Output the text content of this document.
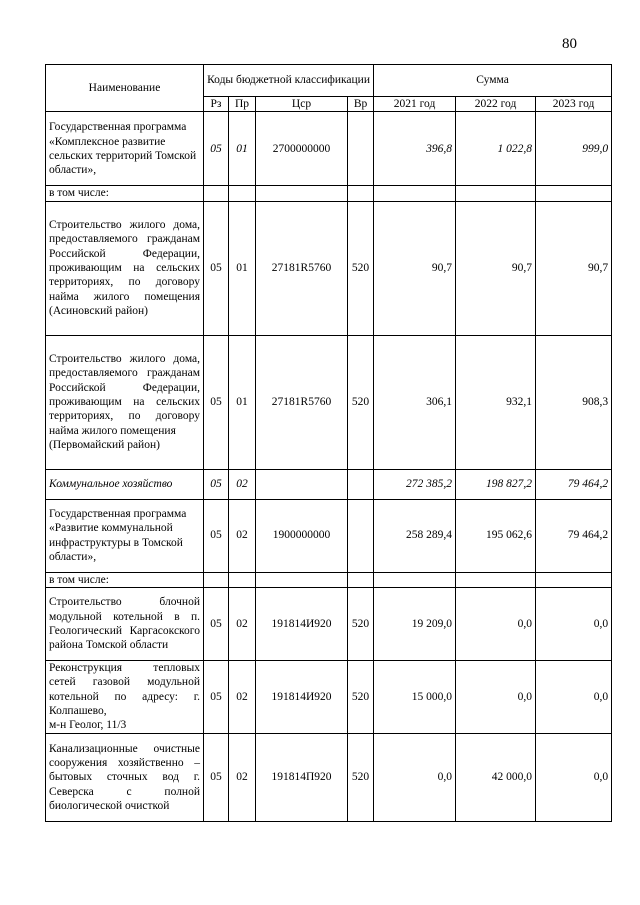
80
Наименование	Коды бюджетной классификации				Сумма		
	Рз	Пр	Цср	Вр	2021 год	2022 год	2023 год
Государственная программа «Комплексное развитие сельских территорий Томской области»,	05	01	2700000000		396,8	1 022,8	999,0
в том числе:							
Строительство жилого дома, предоставляемого гражданам Российской Федерации, проживающим на сельских территориях, по договору найма жилого помещения (Асиновский район)	05	01	27181R5760	520	90,7	90,7	90,7

Строительство жилого дома, предоставляемого гражданам Российской Федерации, проживающим на сельских территориях, по договору найма жилого помещения
(Первомайский район)	05	01	27181R5760	520	306,1	932,1	908,3
Коммунальное хозяйство	05	02			272 385,2	198 827,2	79 464,2
Государственная программа «Развитие коммунальной инфраструктуры в Томской области»,	05	02	1900000000		258 289,4	195 062,6	79 464,2
в том числе:							
Строительство блочной модульной котельной в п. Геологический Каргасокского района Томской области	05	02	191814И920	520	19 209,0	0,0	0,0

Реконструкция тепловых сетей газовой модульной котельной по адресу: г. Колпашево,
м-н Геолог, 11/3	05	02	191814И920	520	15 000,0	0,0	0,0
Канализационные очистные сооружения хозяйственно – бытовых сточных вод г. Северска с полной биологической очисткой	05	02	191814П920	520	0,0	42 000,0	0,0
